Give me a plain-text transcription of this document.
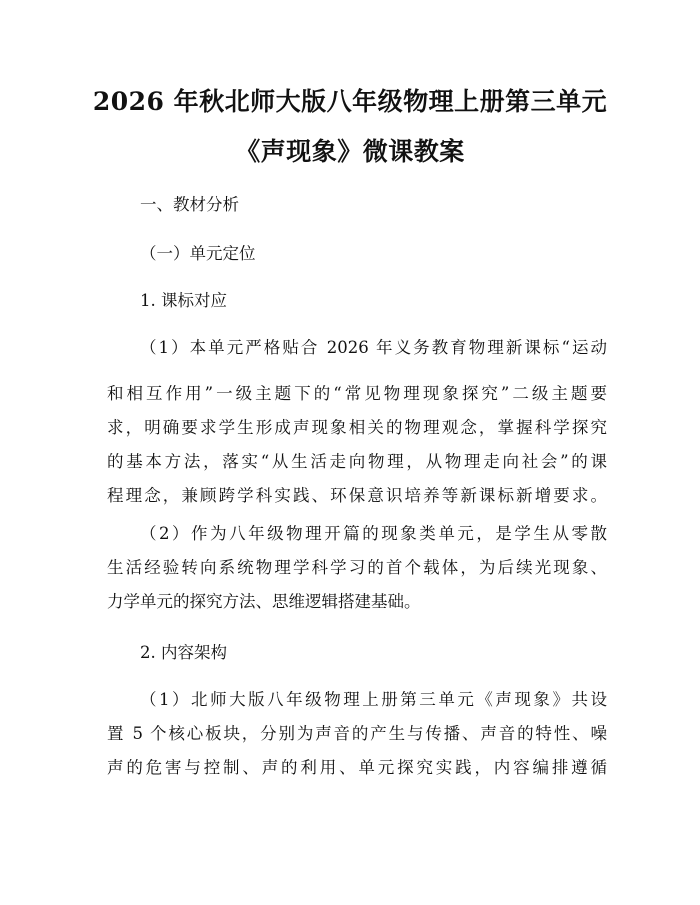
2026 年秋北师大版八年级物理上册第三单元
《声现象》微课教案
一、教材分析
（一）单元定位
1. 课标对应
（1）本单元严格贴合 2026 年义务教育物理新课标“运动
和相互作用”一级主题下的“常见物理现象探究”二级主题要
求，明确要求学生形成声现象相关的物理观念，掌握科学探究
的基本方法，落实“从生活走向物理，从物理走向社会”的课
程理念，兼顾跨学科实践、环保意识培养等新课标新增要求。
（2）作为八年级物理开篇的现象类单元，是学生从零散
生活经验转向系统物理学科学习的首个载体，为后续光现象、
力学单元的探究方法、思维逻辑搭建基础。
2. 内容架构
（1）北师大版八年级物理上册第三单元《声现象》共设
置 5 个核心板块，分别为声音的产生与传播、声音的特性、噪
声的危害与控制、声的利用、单元探究实践，内容编排遵循
